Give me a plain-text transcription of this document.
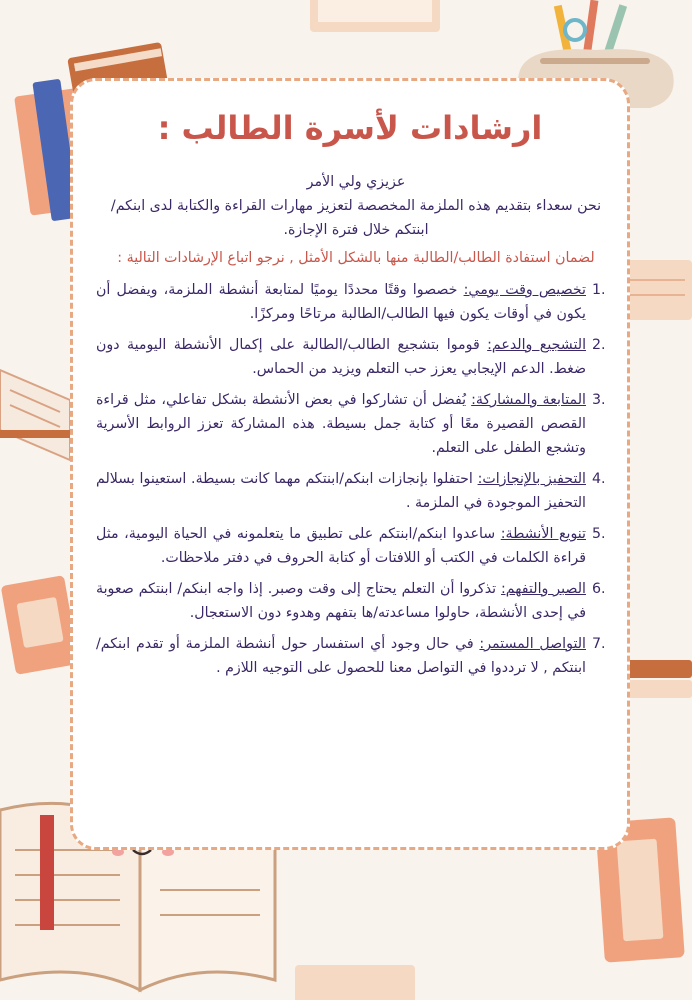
ارشادات لأسرة الطالب :
عزيزي ولي الأمر
نحن سعداء بتقديم هذه الملزمة المخصصة لتعزيز مهارات القراءة والكتابة لدى ابنكم/ابنتكم خلال فترة الإجازة.
لضمان استفادة الطالب/الطالبة منها بالشكل الأمثل , نرجو اتباع الإرشادات التالية :
1.
تخصيص وقت يومي: خصصوا وقتًا محددًا يوميًا لمتابعة أنشطة الملزمة، ويفضل أن يكون في أوقات يكون فيها الطالب/الطالبة مرتاحًا ومركزًا.
2.
التشجيع والدعم: قوموا بتشجيع الطالب/الطالبة على إكمال الأنشطة اليومية دون ضغط. الدعم الإيجابي يعزز حب التعلم ويزيد من الحماس.
3.
المتابعة والمشاركة: يُفضل أن تشاركوا في بعض الأنشطة بشكل تفاعلي، مثل قراءة القصص القصيرة معًا أو كتابة جمل بسيطة. هذه المشاركة تعزز الروابط الأسرية وتشجع الطفل على التعلم.
4.
التحفيز بالإنجازات: احتفلوا بإنجازات ابنكم/ابنتكم مهما كانت بسيطة. استعينوا بسلالم التحفيز الموجودة في الملزمة .
5.
تنويع الأنشطة: ساعدوا ابنكم/ابنتكم على تطبيق ما يتعلمونه في الحياة اليومية، مثل قراءة الكلمات في الكتب أو اللافتات أو كتابة الحروف في دفتر ملاحظات.
6.
الصبر والتفهم: تذكروا أن التعلم يحتاج إلى وقت وصبر. إذا واجه ابنكم/ ابنتكم صعوبة في إحدى الأنشطة، حاولوا مساعدته/ها بتفهم وهدوء دون الاستعجال.
7.
التواصل المستمر: في حال وجود أي استفسار حول أنشطة الملزمة أو تقدم ابنكم/ابنتكم , لا ترددوا في التواصل معنا للحصول على التوجيه اللازم .
